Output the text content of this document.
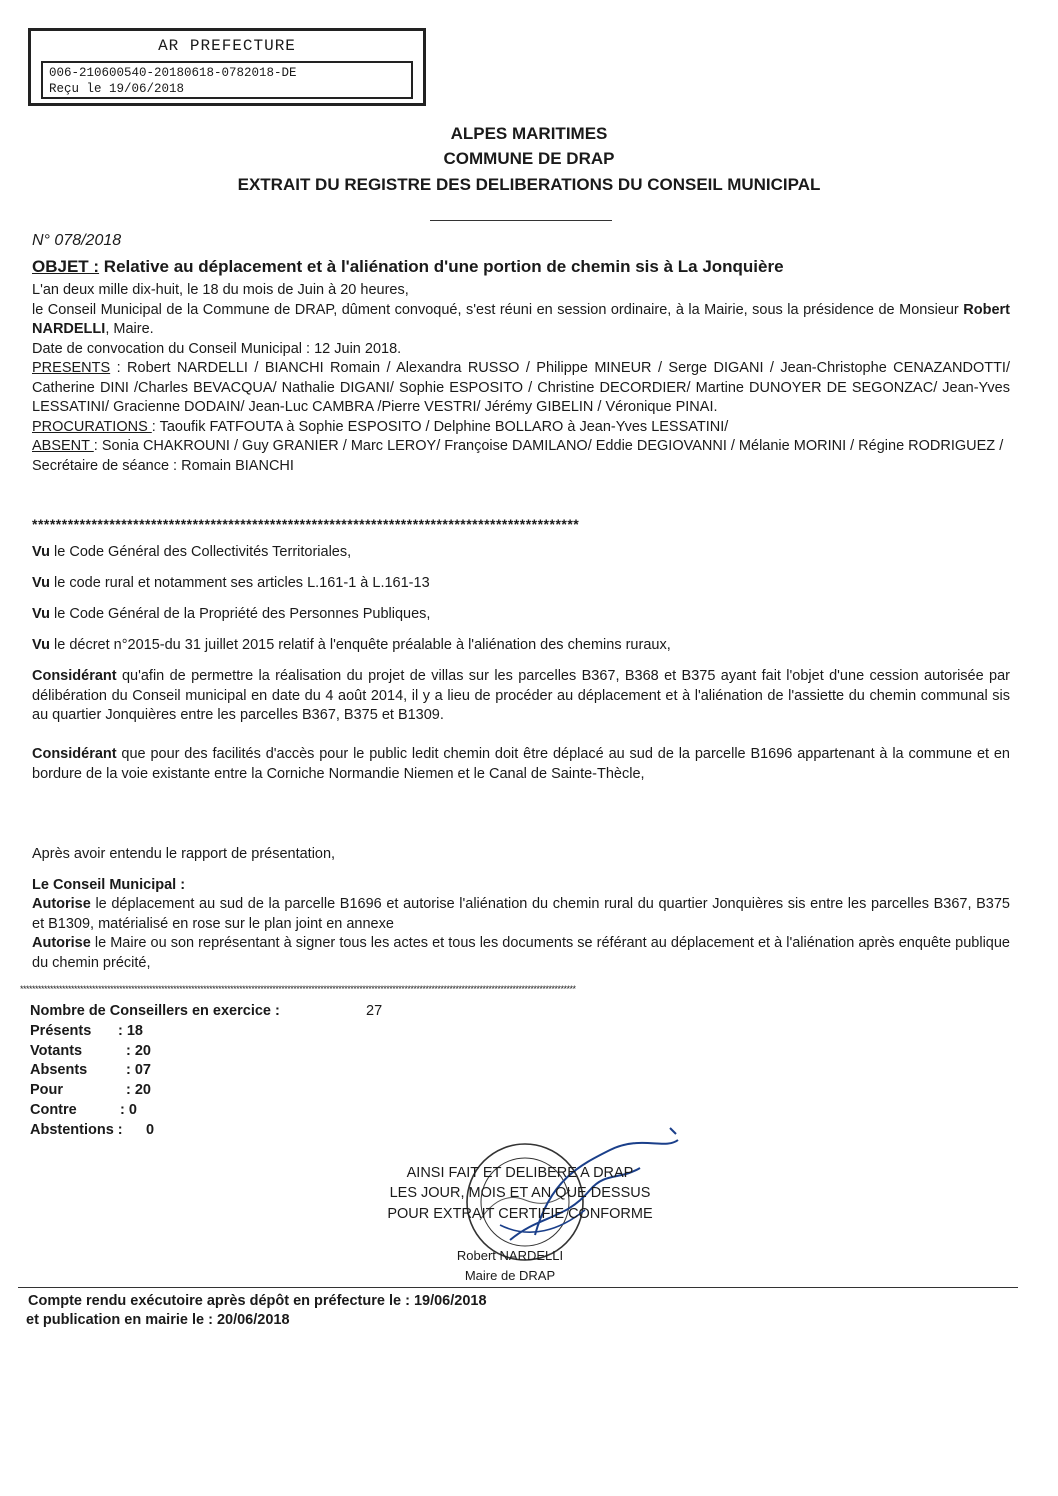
AR PREFECTURE
006-210600540-20180618-0782018-DE
Reçu le 19/06/2018
ALPES MARITIMES
COMMUNE DE DRAP
EXTRAIT DU REGISTRE DES DELIBERATIONS DU CONSEIL MUNICIPAL
N° 078/2018
OBJET : Relative au déplacement et à l'aliénation d'une portion de chemin sis à La Jonquière
L'an deux mille dix-huit, le 18 du mois de Juin à 20 heures,
le Conseil Municipal de la Commune de DRAP, dûment convoqué, s'est réuni en session ordinaire, à la Mairie, sous la présidence de Monsieur Robert NARDELLI, Maire.
Date de convocation du Conseil Municipal : 12 Juin 2018.
PRESENTS : Robert NARDELLI / BIANCHI Romain / Alexandra RUSSO / Philippe MINEUR / Serge DIGANI / Jean-Christophe CENAZANDOTTI/ Catherine DINI /Charles BEVACQUA/ Nathalie DIGANI/ Sophie ESPOSITO / Christine DECORDIER/ Martine DUNOYER DE SEGONZAC/ Jean-Yves LESSATINI/ Gracienne DODAIN/ Jean-Luc CAMBRA /Pierre VESTRI/ Jérémy GIBELIN / Véronique PINAI.
PROCURATIONS : Taoufik FATFOUTA à Sophie ESPOSITO / Delphine BOLLARO à Jean-Yves LESSATINI/
ABSENT : Sonia CHAKROUNI / Guy GRANIER / Marc LEROY/ Françoise DAMILANO/ Eddie DEGIOVANNI / Mélanie MORINI / Régine RODRIGUEZ /
Secrétaire de séance : Romain BIANCHI
********************************************************************************************
Vu le Code Général des Collectivités Territoriales,
Vu le code rural et notamment ses articles L.161-1 à L.161-13
Vu le Code Général de la Propriété des Personnes Publiques,
Vu le décret n°2015-du 31 juillet 2015 relatif à l'enquête préalable à l'aliénation des chemins ruraux,
Considérant qu'afin de permettre la réalisation du projet de villas sur les parcelles B367, B368 et B375 ayant fait l'objet d'une cession autorisée par délibération du Conseil municipal en date du 4 août 2014, il y a lieu de procéder au déplacement et à l'aliénation de l'assiette du chemin communal sis au quartier Jonquières entre les parcelles B367, B375 et B1309.
Considérant que pour des facilités d'accès pour le public ledit chemin doit être déplacé au sud de la parcelle B1696 appartenant à la commune et en bordure de la voie existante entre la Corniche Normandie Niemen et le Canal de Sainte-Thècle,
Après avoir entendu le rapport de présentation,
Le Conseil Municipal :
Autorise le déplacement au sud de la parcelle B1696 et autorise l'aliénation du chemin rural du quartier Jonquières sis entre les parcelles B367, B375 et B1309, matérialisé en rose sur le plan joint en annexe
Autorise le Maire ou son représentant à signer tous les actes et tous les documents se référant au déplacement et à l'aliénation après enquête publique du chemin précité,
*****************************************************************************************************************************************************************************************
Nombre de Conseillers en exercice :	27
Présents : 18
Votants	: 20
Absents	: 07
Pour	: 20
Contre	: 0
Abstentions : 0
AINSI FAIT ET DELIBERE A DRAP
LES JOUR, MOIS ET AN QUE DESSUS
POUR EXTRAIT CERTIFIE CONFORME
Robert NARDELLI
Maire de DRAP
Compte rendu exécutoire après dépôt en préfecture le : 19/06/2018
et publication en mairie le : 20/06/2018
